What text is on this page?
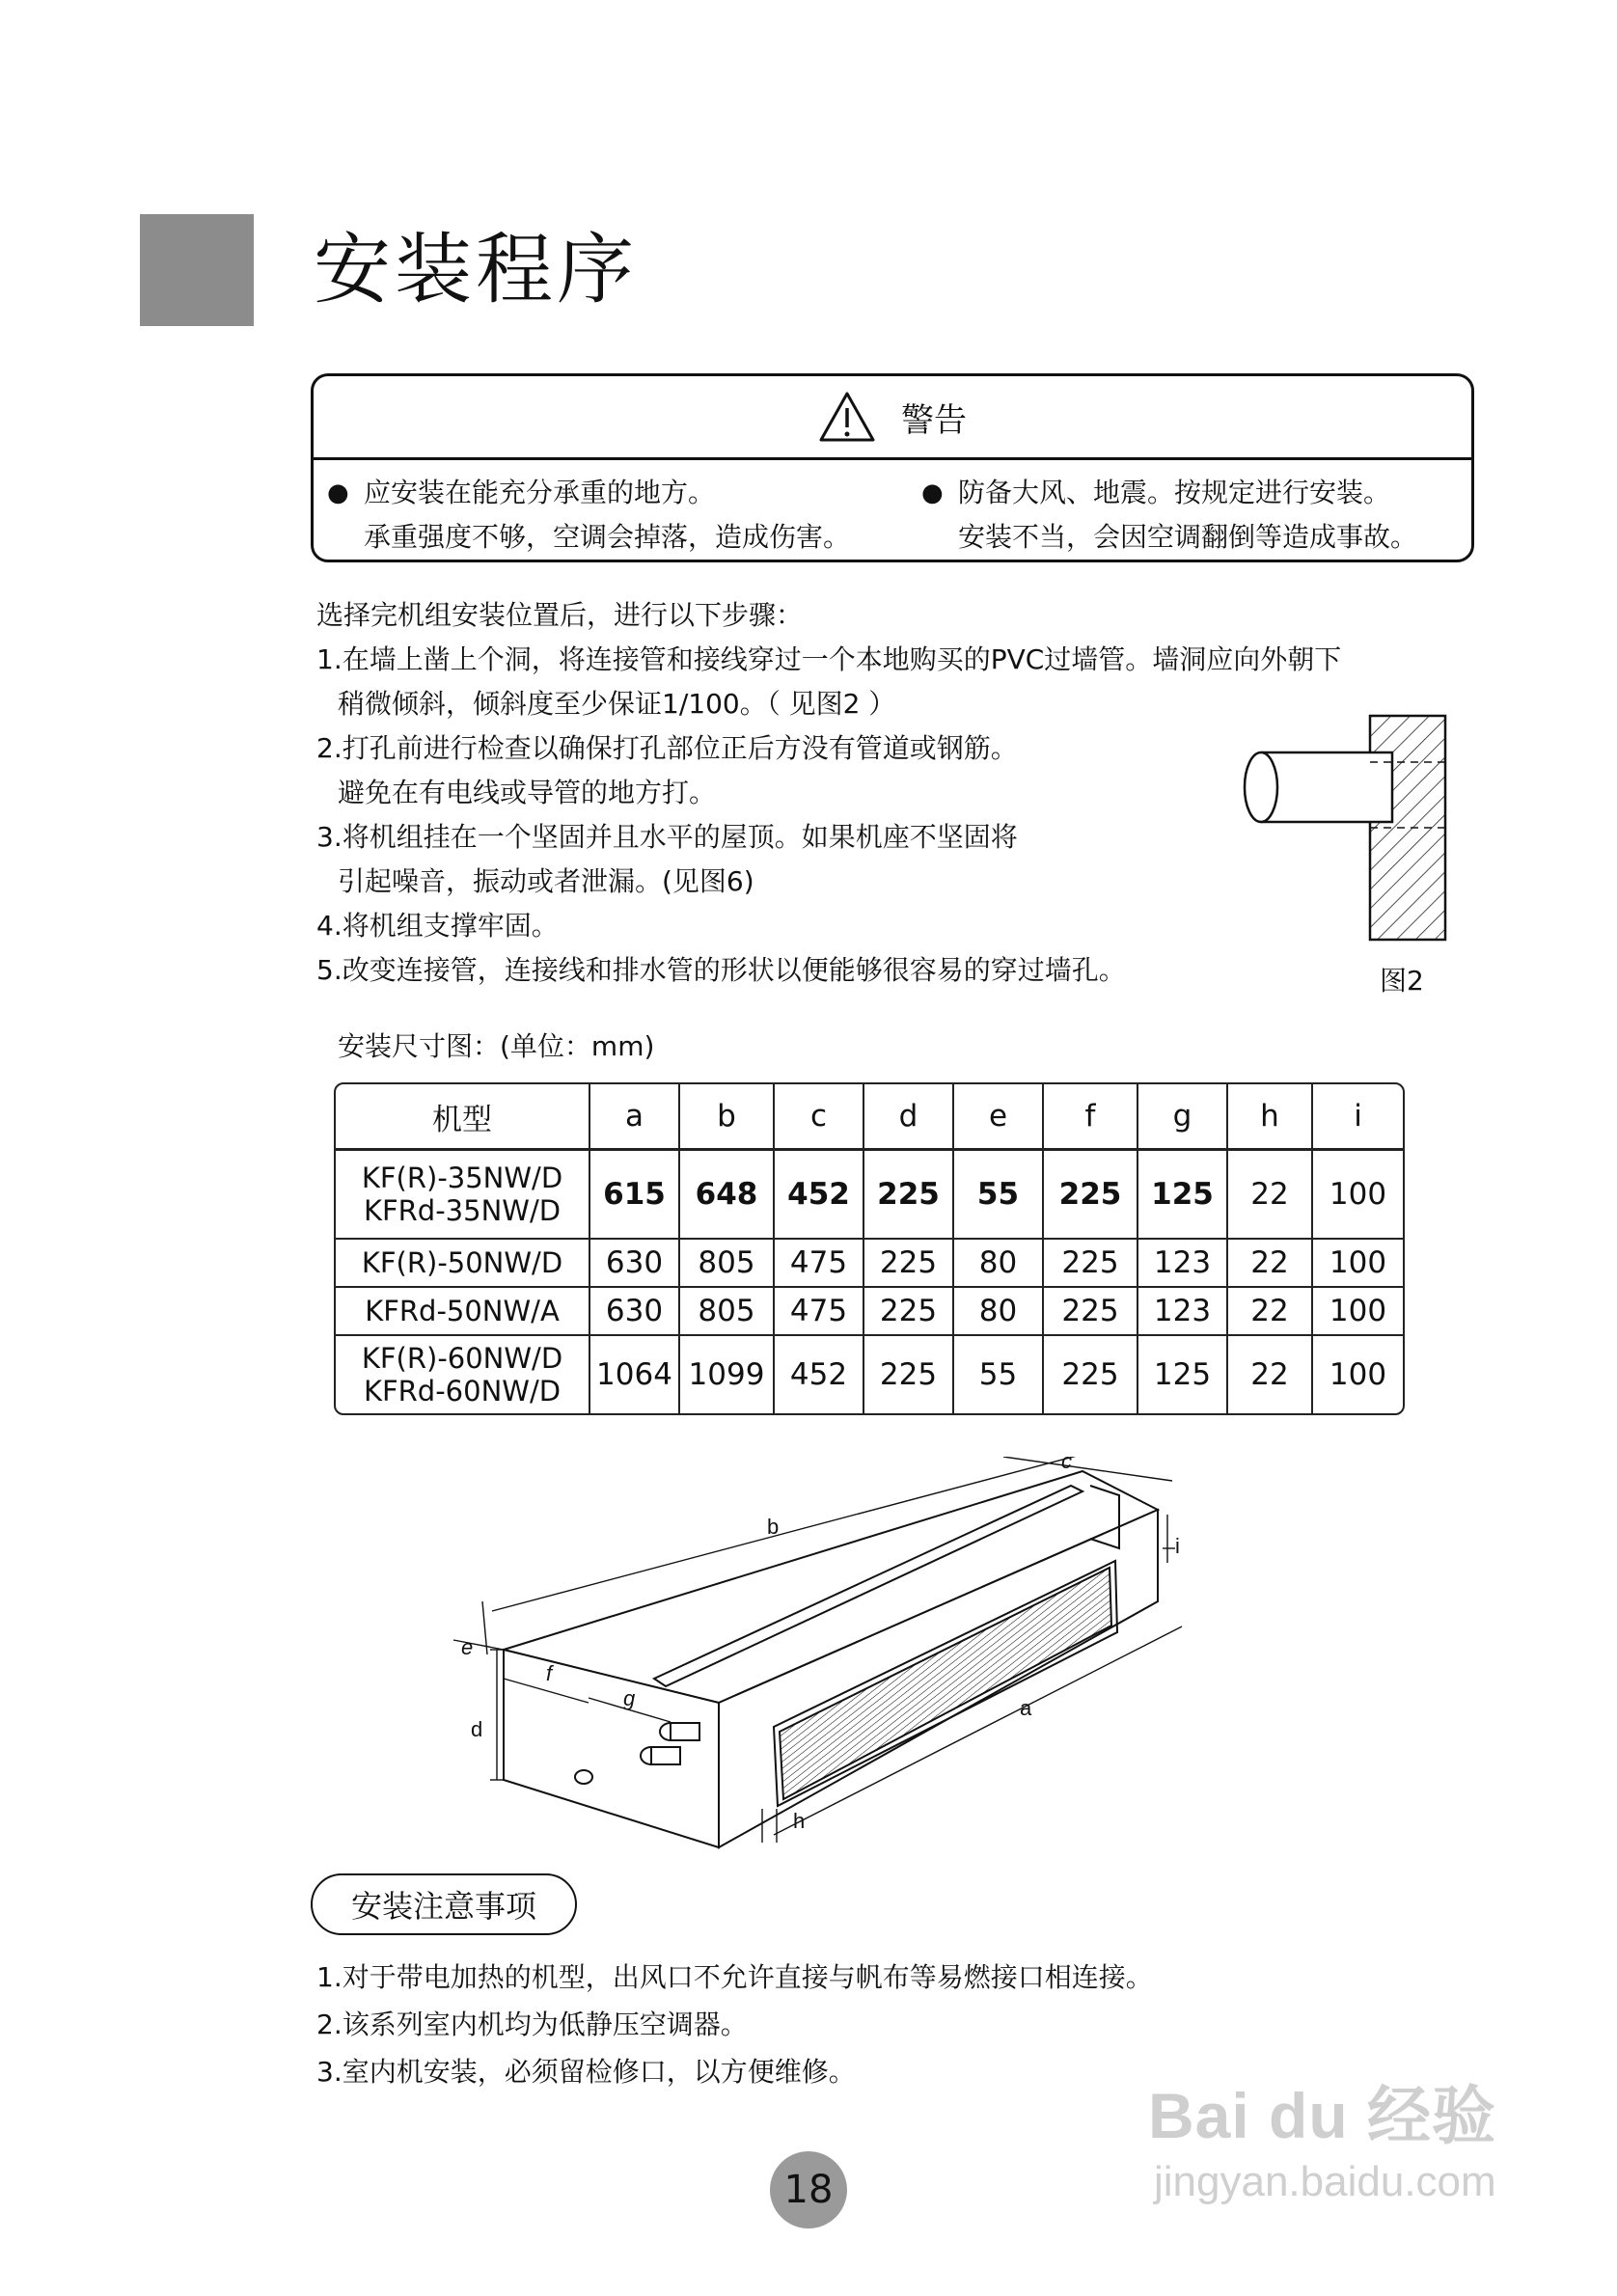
安装程序
警告
● 应安装在能充分承重的地方。
承重强度不够，空调会掉落，造成伤害。
● 防备大风、地震。按规定进行安装。
安装不当，会因空调翻倒等造成事故。

选择完机组安装位置后，进行以下步骤：

1.在墙上凿上个洞，将连接管和接线穿过一个本地购买的PVC过墙管。墙洞应向外朝下

稍微倾斜，倾斜度至少保证1/100。（ 见图2 ）

2.打孔前进行检查以确保打孔部位正后方没有管道或钢筋。

避免在有电线或导管的地方打。

3.将机组挂在一个坚固并且水平的屋顶。如果机座不坚固将

引起噪音，振动或者泄漏。(见图6)

4.将机组支撑牢固。

5.改变连接管，连接线和排水管的形状以便能够很容易的穿过墙孔。	图2
安装尺寸图：(单位：mm)
机型	a	b	c	d	e	f	g	h	i

KF(R)-35NW/D
KFRd-35NW/D	615	648	452	225	55	225	125	22	100
KF(R)-50NW/D	630	805	475	225	80	225	123	22	100
KFRd-50NW/A	630	805	475	225	80	225	123	22	100

KF(R)-60NW/D
KFRd-60NW/D	1064	1099	452	225	55	225	125	22	100
b
c
a
d
e
f
g
h
i
安装注意事项

1.对于带电加热的机型，出风口不允许直接与帆布等易燃接口相连接。

2.该系列室内机均为低静压空调器。

3.室内机安装，必须留检修口，以方便维修。

18
Bai du 经验
jingyan.baidu.com
